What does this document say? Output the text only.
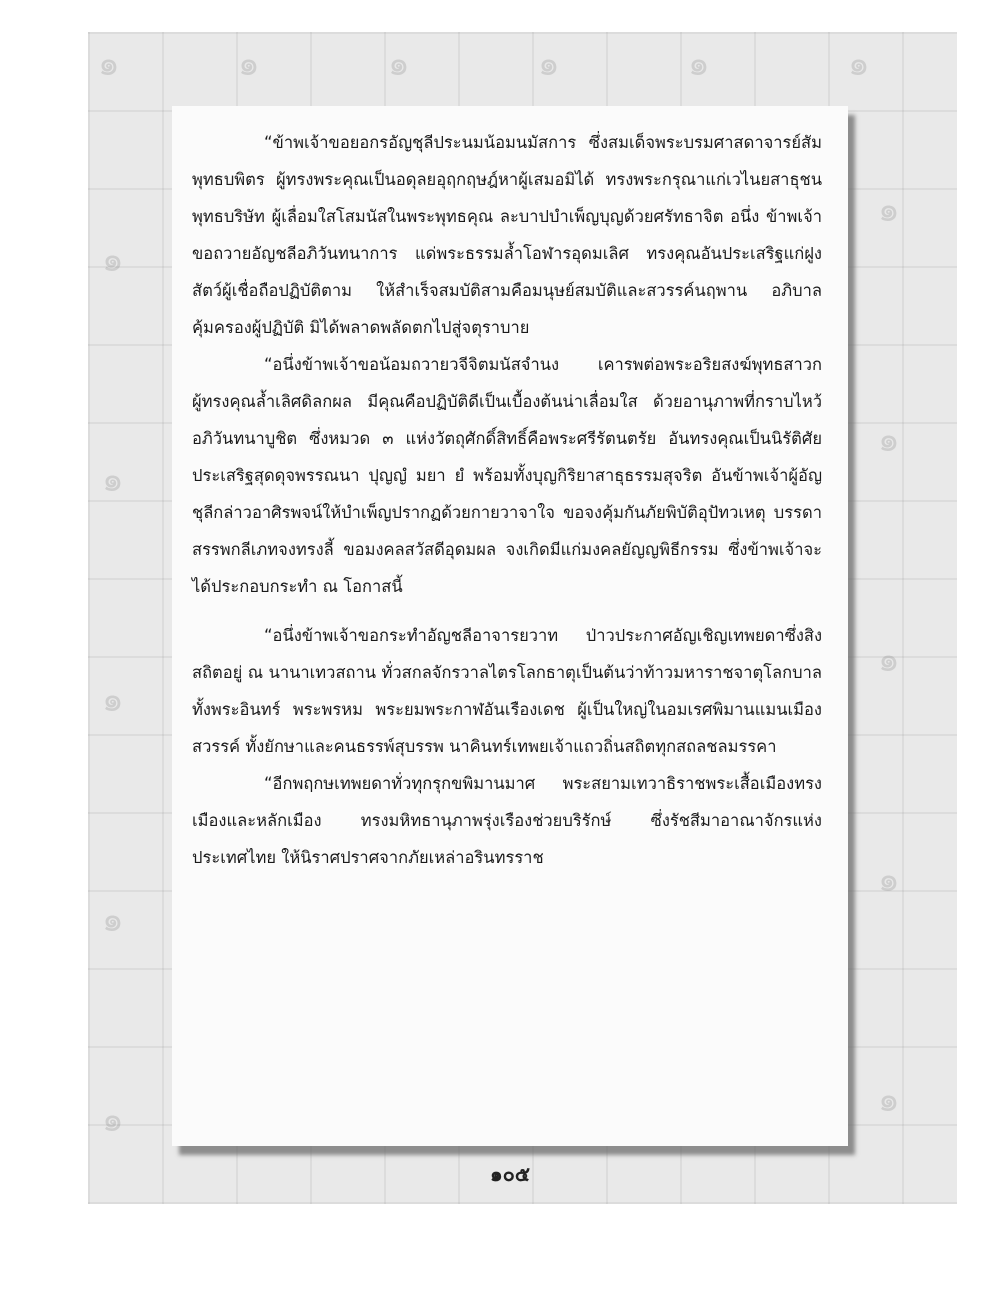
๑	๑	๑	๑	๑	๑
๑
๑
๑
๑
๑
๑
๑
๑
๑
๑

“ข้าพเจ้าขอยอกรอัญชุลีประนมน้อมนมัสการ ซึ่งสมเด็จพระบรมศาสดาจารย์สัมพุทธบพิตร ผู้ทรงพระคุณเป็นอดุลยอุฤกฤษฎ์หาผู้เสมอมิได้ ทรงพระกรุณาแก่เวไนยสาธุชนพุทธบริษัท ผู้เลื่อมใสโสมนัสในพระพุทธคุณ ละบาปบำเพ็ญบุญด้วยศรัทธาจิต อนึ่ง ข้าพเจ้าขอถวายอัญชลีอภิวันทนาการ แด่พระธรรมล้ำโอฬารอุดมเลิศ ทรงคุณอันประเสริฐแก่ฝูงสัตว์ผู้เชื่อถือปฏิบัติตาม ให้สำเร็จสมบัติสามคือมนุษย์สมบัติและสวรรค์นฤพาน อภิบาลคุ้มครองผู้ปฏิบัติ มิได้พลาดพลัดตกไปสู่จตุราบาย

“อนึ่งข้าพเจ้าขอน้อมถวายวจีจิตมนัสจำนง เคารพต่อพระอริยสงฆ์พุทธสาวกผู้ทรงคุณล้ำเลิศดิลกผล มีคุณคือปฏิบัติดีเป็นเบื้องต้นน่าเลื่อมใส ด้วยอานุภาพที่กราบไหว้อภิวันทนาบูชิต ซึ่งหมวด ๓ แห่งวัตถุศักดิ์สิทธิ์คือพระศรีรัตนตรัย อันทรงคุณเป็นนิรัติศัยประเสริฐสุดดุจพรรณนา ปุญญํ มยา ยํ พร้อมทั้งบุญกิริยาสาธุธรรมสุจริต อันข้าพเจ้าผู้อัญชุลีกล่าวอาศิรพจน์ให้บำเพ็ญปรากฏด้วยกายวาจาใจ ขอจงคุ้มกันภัยพิบัติอุปัทวเหตุ บรรดาสรรพกลีเภทจงทรงลี้ ขอมงคลสวัสดีอุดมผล จงเกิดมีแก่มงคลยัญญพิธีกรรม ซึ่งข้าพเจ้าจะได้ประกอบกระทำ ณ โอกาสนี้

“อนึ่งข้าพเจ้าขอกระทำอัญชลีอาจารยวาท ป่าวประกาศอัญเชิญเทพยดาซึ่งสิงสถิตอยู่ ณ นานาเทวสถาน ทั่วสกลจักรวาลไตรโลกธาตุเป็นต้นว่าท้าวมหาราชจาตุโลกบาล ทั้งพระอินทร์ พระพรหม พระยมพระกาฬอันเรืองเดช ผู้เป็นใหญ่ในอมเรศพิมานแมนเมืองสวรรค์ ทั้งยักษาและคนธรรพ์สุบรรพ นาคินทร์เทพยเจ้าแถวถิ่นสถิตทุกสถลชลมรรคา

“อีกพฤกษเทพยดาทั่วทุกรุกขพิมานมาศ พระสยามเทวาธิราชพระเสื้อเมืองทรงเมืองและหลักเมือง ทรงมหิทธานุภาพรุ่งเรืองช่วยบริรักษ์ ซึ่งรัชสีมาอาณาจักรแห่งประเทศไทย ให้นิราศปราศจากภัยเหล่าอรินทรราช

๑๐๕
